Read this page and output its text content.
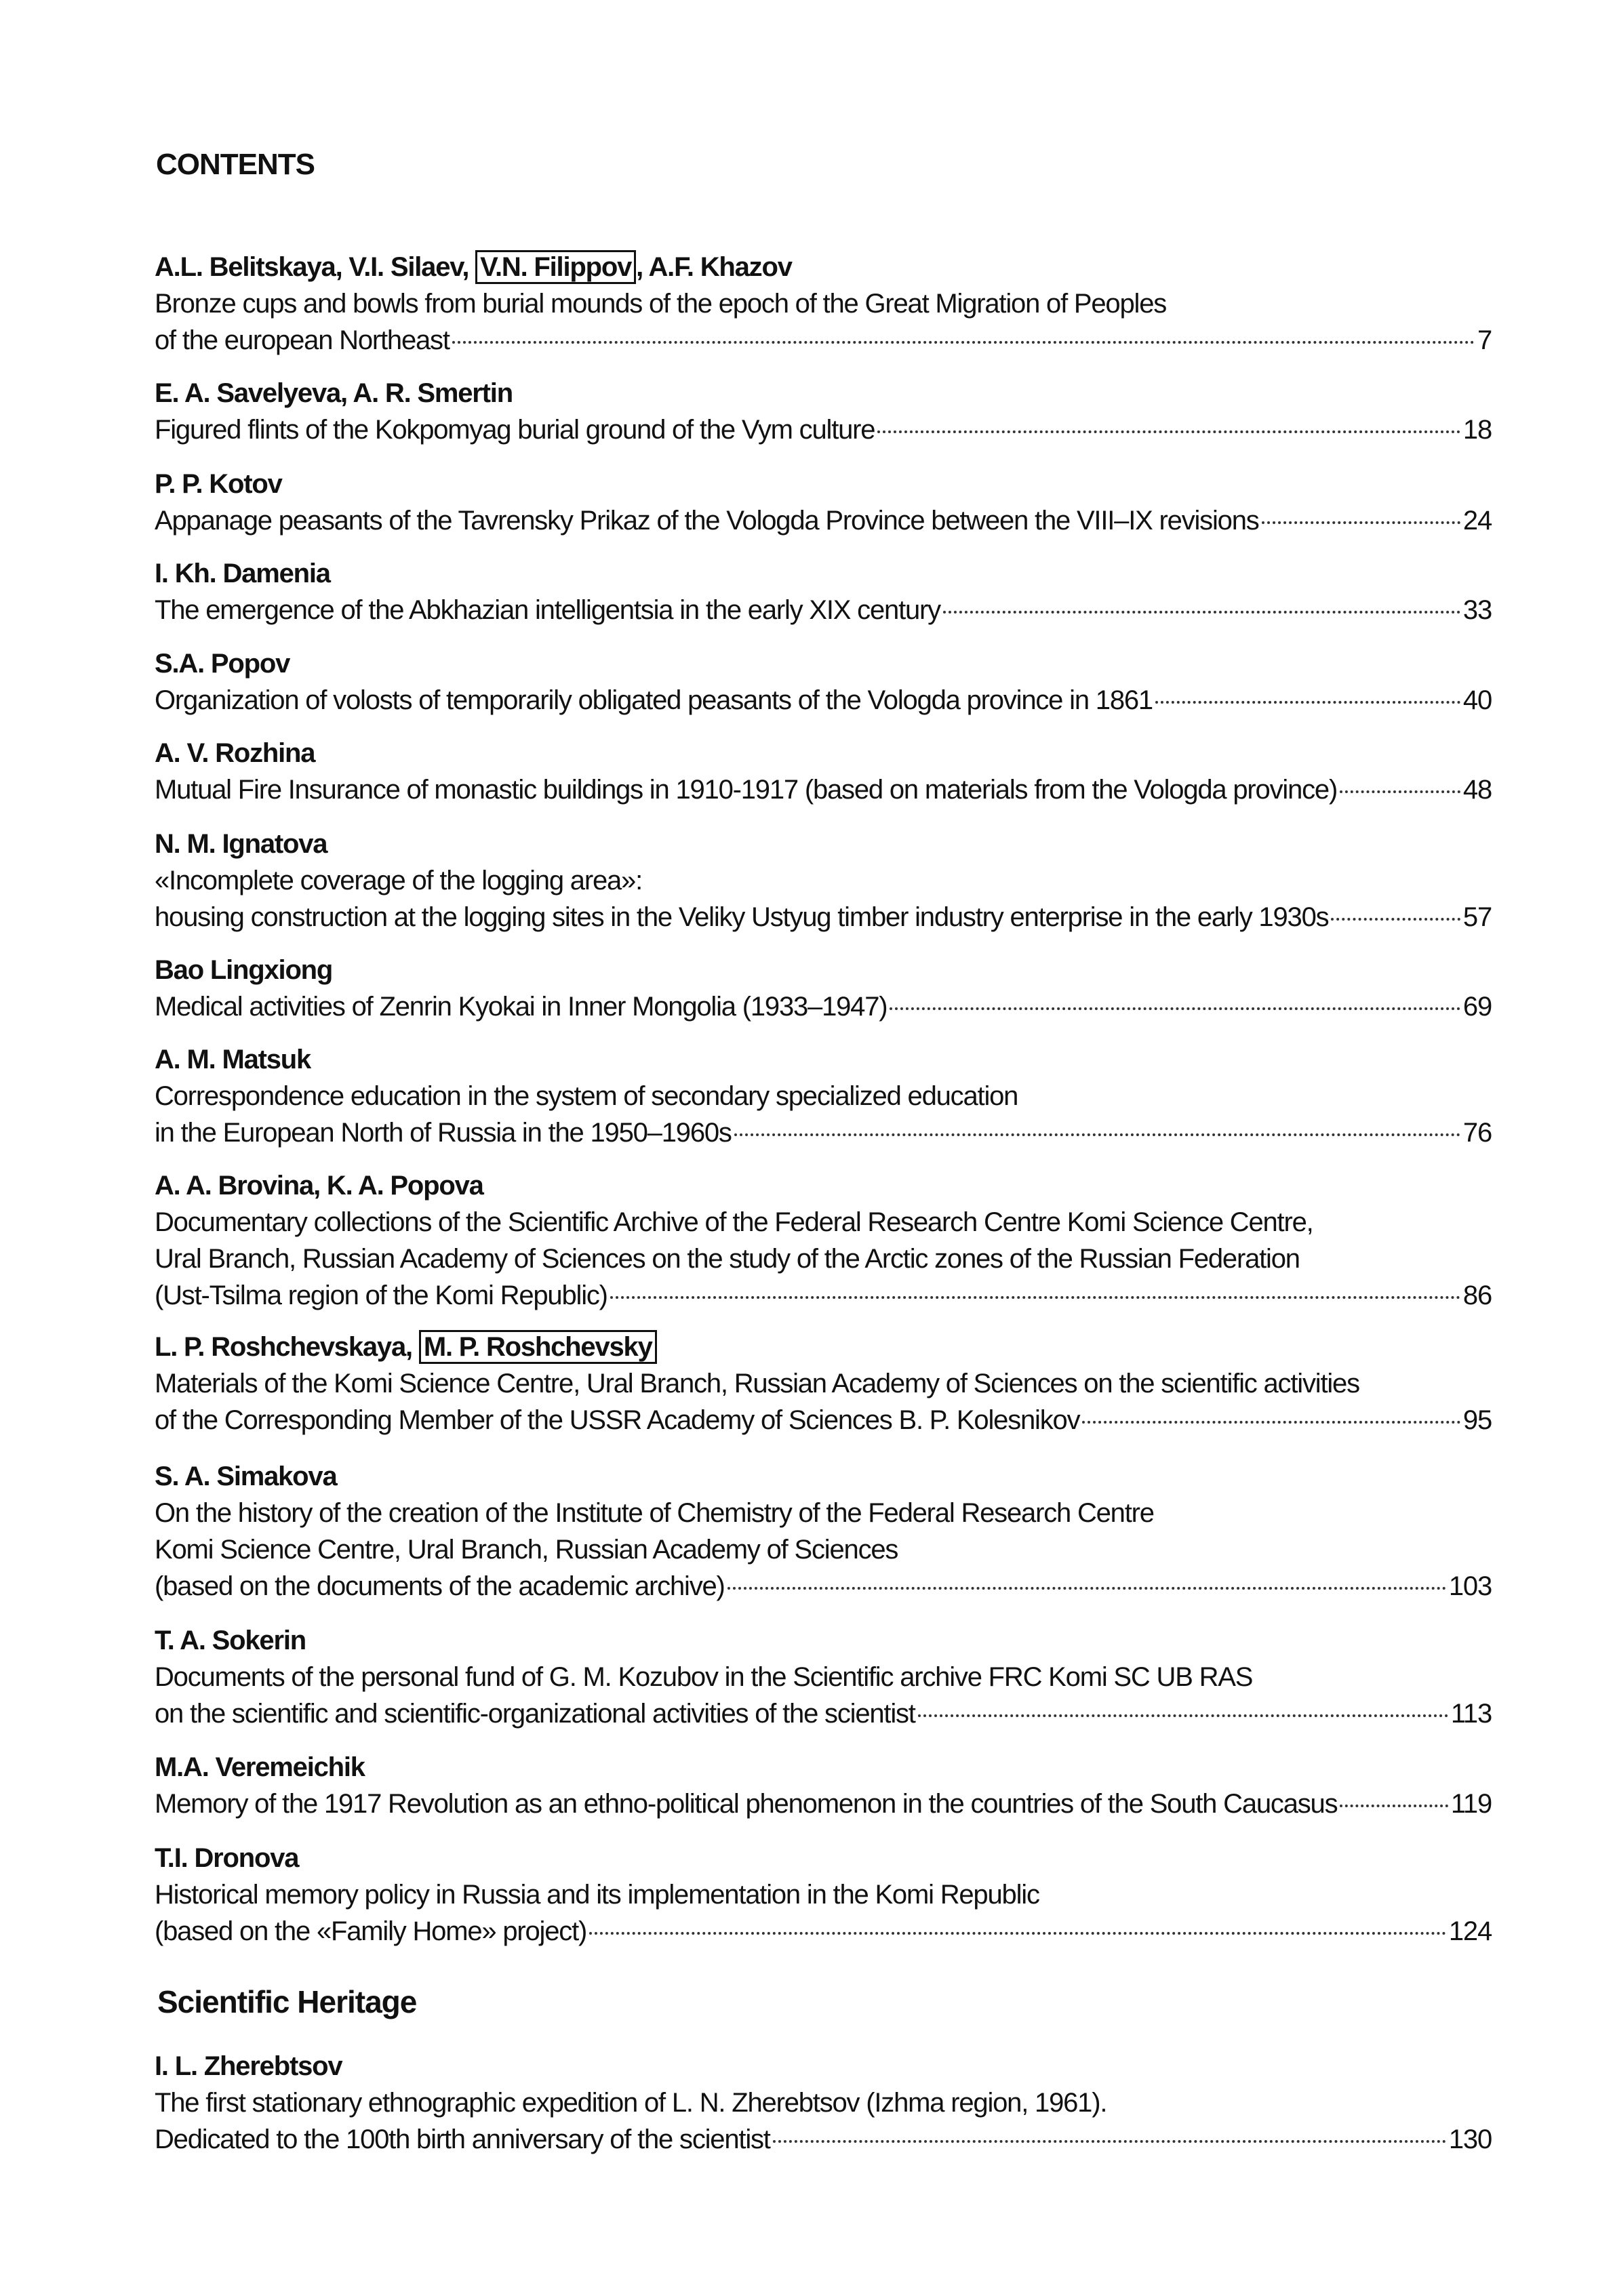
CONTENTS
A.L. Belitskaya, V.I. Silaev, V.N. Filippov , A.F. Khazov
Bronze cups and bowls from burial mounds of the epoch of the Great Migration of Peoples
of the european Northeast	7
E. A. Savelyeva, A. R. Smertin
Figured flints of the Kokpomyag burial ground of the Vym culture	18
P. P. Kotov
Appanage peasants of the Tavrensky Prikaz of the Vologda Province between the VIII–IX revisions	24
I. Kh. Damenia
The emergence of the Abkhazian intelligentsia in the early XIX century	33
S.A. Popov
Organization of volosts of temporarily obligated peasants of the Vologda province in 1861	40
A. V. Rozhina
Mutual Fire Insurance of monastic buildings in 1910-1917 (based on materials from the Vologda province)	48
N. M. Ignatova
«Incomplete coverage of the logging area»:
housing construction at the logging sites in the Veliky Ustyug timber industry enterprise in the early 1930s	57
Bao Lingxiong
Medical activities of Zenrin Kyokai in Inner Mongolia (1933–1947)	69
A. M. Matsuk
Correspondence education in the system of secondary specialized education
in the European North of Russia in the 1950–1960s	76
A. A. Brovina, K. A. Popova
Documentary collections of the Scientific Archive of the Federal Research Centre Komi Science Centre,
Ural Branch, Russian Academy of Sciences on the study of the Arctic zones of the Russian Federation
(Ust-Tsilma region of the Komi Republic)	86
L. P. Roshchevskaya, M. P. Roshchevsky
Materials of the Komi Science Centre, Ural Branch, Russian Academy of Sciences on the scientific activities
of the Corresponding Member of the USSR Academy of Sciences B. P. Kolesnikov	95
S. A. Simakova
On the history of the creation of the Institute of Chemistry of the Federal Research Centre
Komi Science Centre, Ural Branch, Russian Academy of Sciences
(based on the documents of the academic archive)	103
T. A. Sokerin
Documents of the personal fund of G. M. Kozubov in the Scientific archive FRC Komi SC UB RAS
on the scientific and scientific-organizational activities of the scientist	113
M.A. Veremeichik
Memory of the 1917 Revolution as an ethno-political phenomenon in the countries of the South Caucasus	119
T.I. Dronova
Historical memory policy in Russia and its implementation in the Komi Republic
(based on the «Family Home» project)	124
I. L. Zherebtsov
The first stationary ethnographic expedition of L. N. Zherebtsov (Izhma region, 1961).
Dedicated to the 100th birth anniversary of the scientist	130
Scientific Heritage
